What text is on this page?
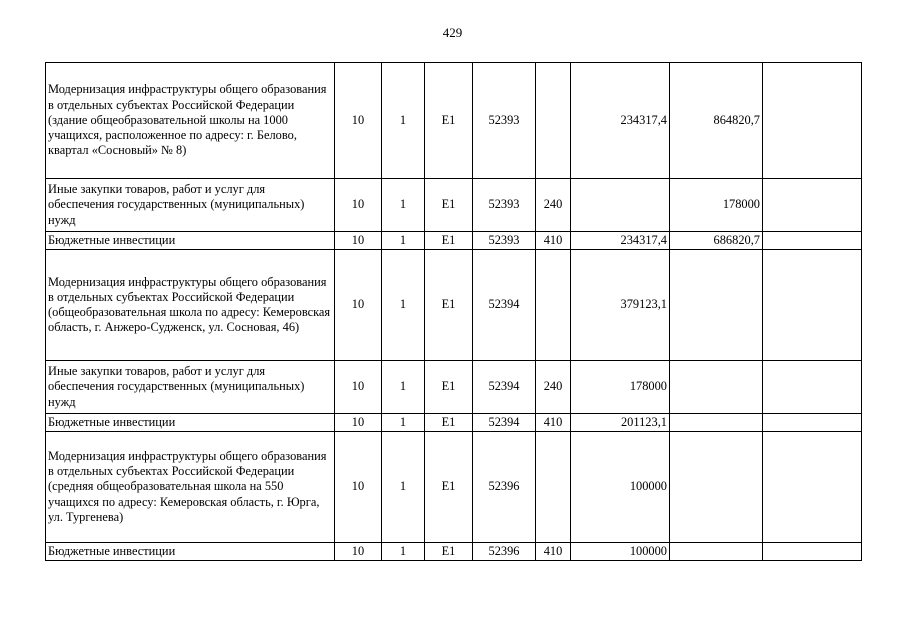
429
Модернизация инфраструктуры общего образования в отдельных субъектах Российской Федерации (здание общеобразовательной школы на 1000 учащихся, расположенное по адресу: г. Белово, квартал «Сосновый» № 8)	10	1	E1	52393		234317,4	864820,7	
Иные закупки товаров, работ и услуг для обеспечения государственных (муниципальных) нужд	10	1	E1	52393	240		178000	
Бюджетные инвестиции	10	1	E1	52393	410	234317,4	686820,7	
Модернизация инфраструктуры общего образования в отдельных субъектах Российской Федерации (общеобразовательная школа по адресу: Кемеровская область, г. Анжеро-Судженск, ул. Сосновая, 46)	10	1	E1	52394		379123,1		
Иные закупки товаров, работ и услуг для обеспечения государственных (муниципальных) нужд	10	1	E1	52394	240	178000		
Бюджетные инвестиции	10	1	E1	52394	410	201123,1		
Модернизация инфраструктуры общего образования в отдельных субъектах Российской Федерации (средняя общеобразовательная школа на 550 учащихся по адресу: Кемеровская область, г. Юрга, ул. Тургенева)	10	1	E1	52396		100000		
Бюджетные инвестиции	10	1	E1	52396	410	100000		
